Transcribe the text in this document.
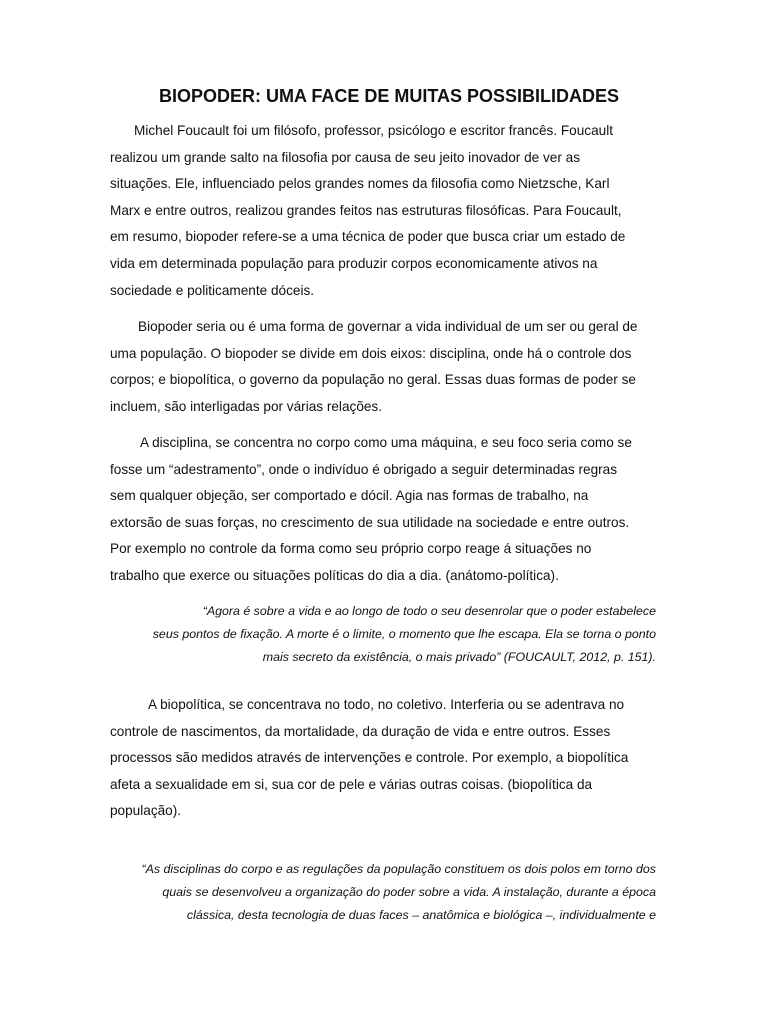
BIOPODER: UMA FACE DE MUITAS POSSIBILIDADES

Michel Foucault foi um filósofo, professor, psicólogo e escritor francês. Foucault
realizou um grande salto na filosofia por causa de seu jeito inovador de ver as
situações. Ele, influenciado pelos grandes nomes da filosofia como Nietzsche, Karl
Marx e entre outros, realizou grandes feitos nas estruturas filosóficas. Para Foucault,
em resumo, biopoder refere-se a uma técnica de poder que busca criar um estado de
vida em determinada população para produzir corpos economicamente ativos na
sociedade e politicamente dóceis.

Biopoder seria ou é uma forma de governar a vida individual de um ser ou geral de
uma população. O biopoder se divide em dois eixos: disciplina, onde há o controle dos
corpos; e biopolítica, o governo da população no geral. Essas duas formas de poder se
incluem, são interligadas por várias relações.

A disciplina, se concentra no corpo como uma máquina, e seu foco seria como se
fosse um “adestramento”, onde o indivíduo é obrigado a seguir determinadas regras
sem qualquer objeção, ser comportado e dócil. Agia nas formas de trabalho, na
extorsão de suas forças, no crescimento de sua utilidade na sociedade e entre outros.
Por exemplo no controle da forma como seu próprio corpo reage á situações no
trabalho que exerce ou situações políticas do dia a dia. (anátomo-política).

“Agora é sobre a vida e ao longo de todo o seu desenrolar que o poder estabelece
seus pontos de fixação. A morte é o limite, o momento que lhe escapa. Ela se torna o ponto
mais secreto da existência, o mais privado” (FOUCAULT, 2012, p. 151).

A biopolítica, se concentrava no todo, no coletivo. Interferia ou se adentrava no
controle de nascimentos, da mortalidade, da duração de vida e entre outros. Esses
processos são medidos através de intervenções e controle. Por exemplo, a biopolítica
afeta a sexualidade em si, sua cor de pele e várias outras coisas. (biopolítica da
população).

“As disciplinas do corpo e as regulações da população constituem os dois polos em torno dos
quais se desenvolveu a organização do poder sobre a vida. A instalação, durante a época
clássica, desta tecnologia de duas faces – anatômica e biológica –, individualmente e
